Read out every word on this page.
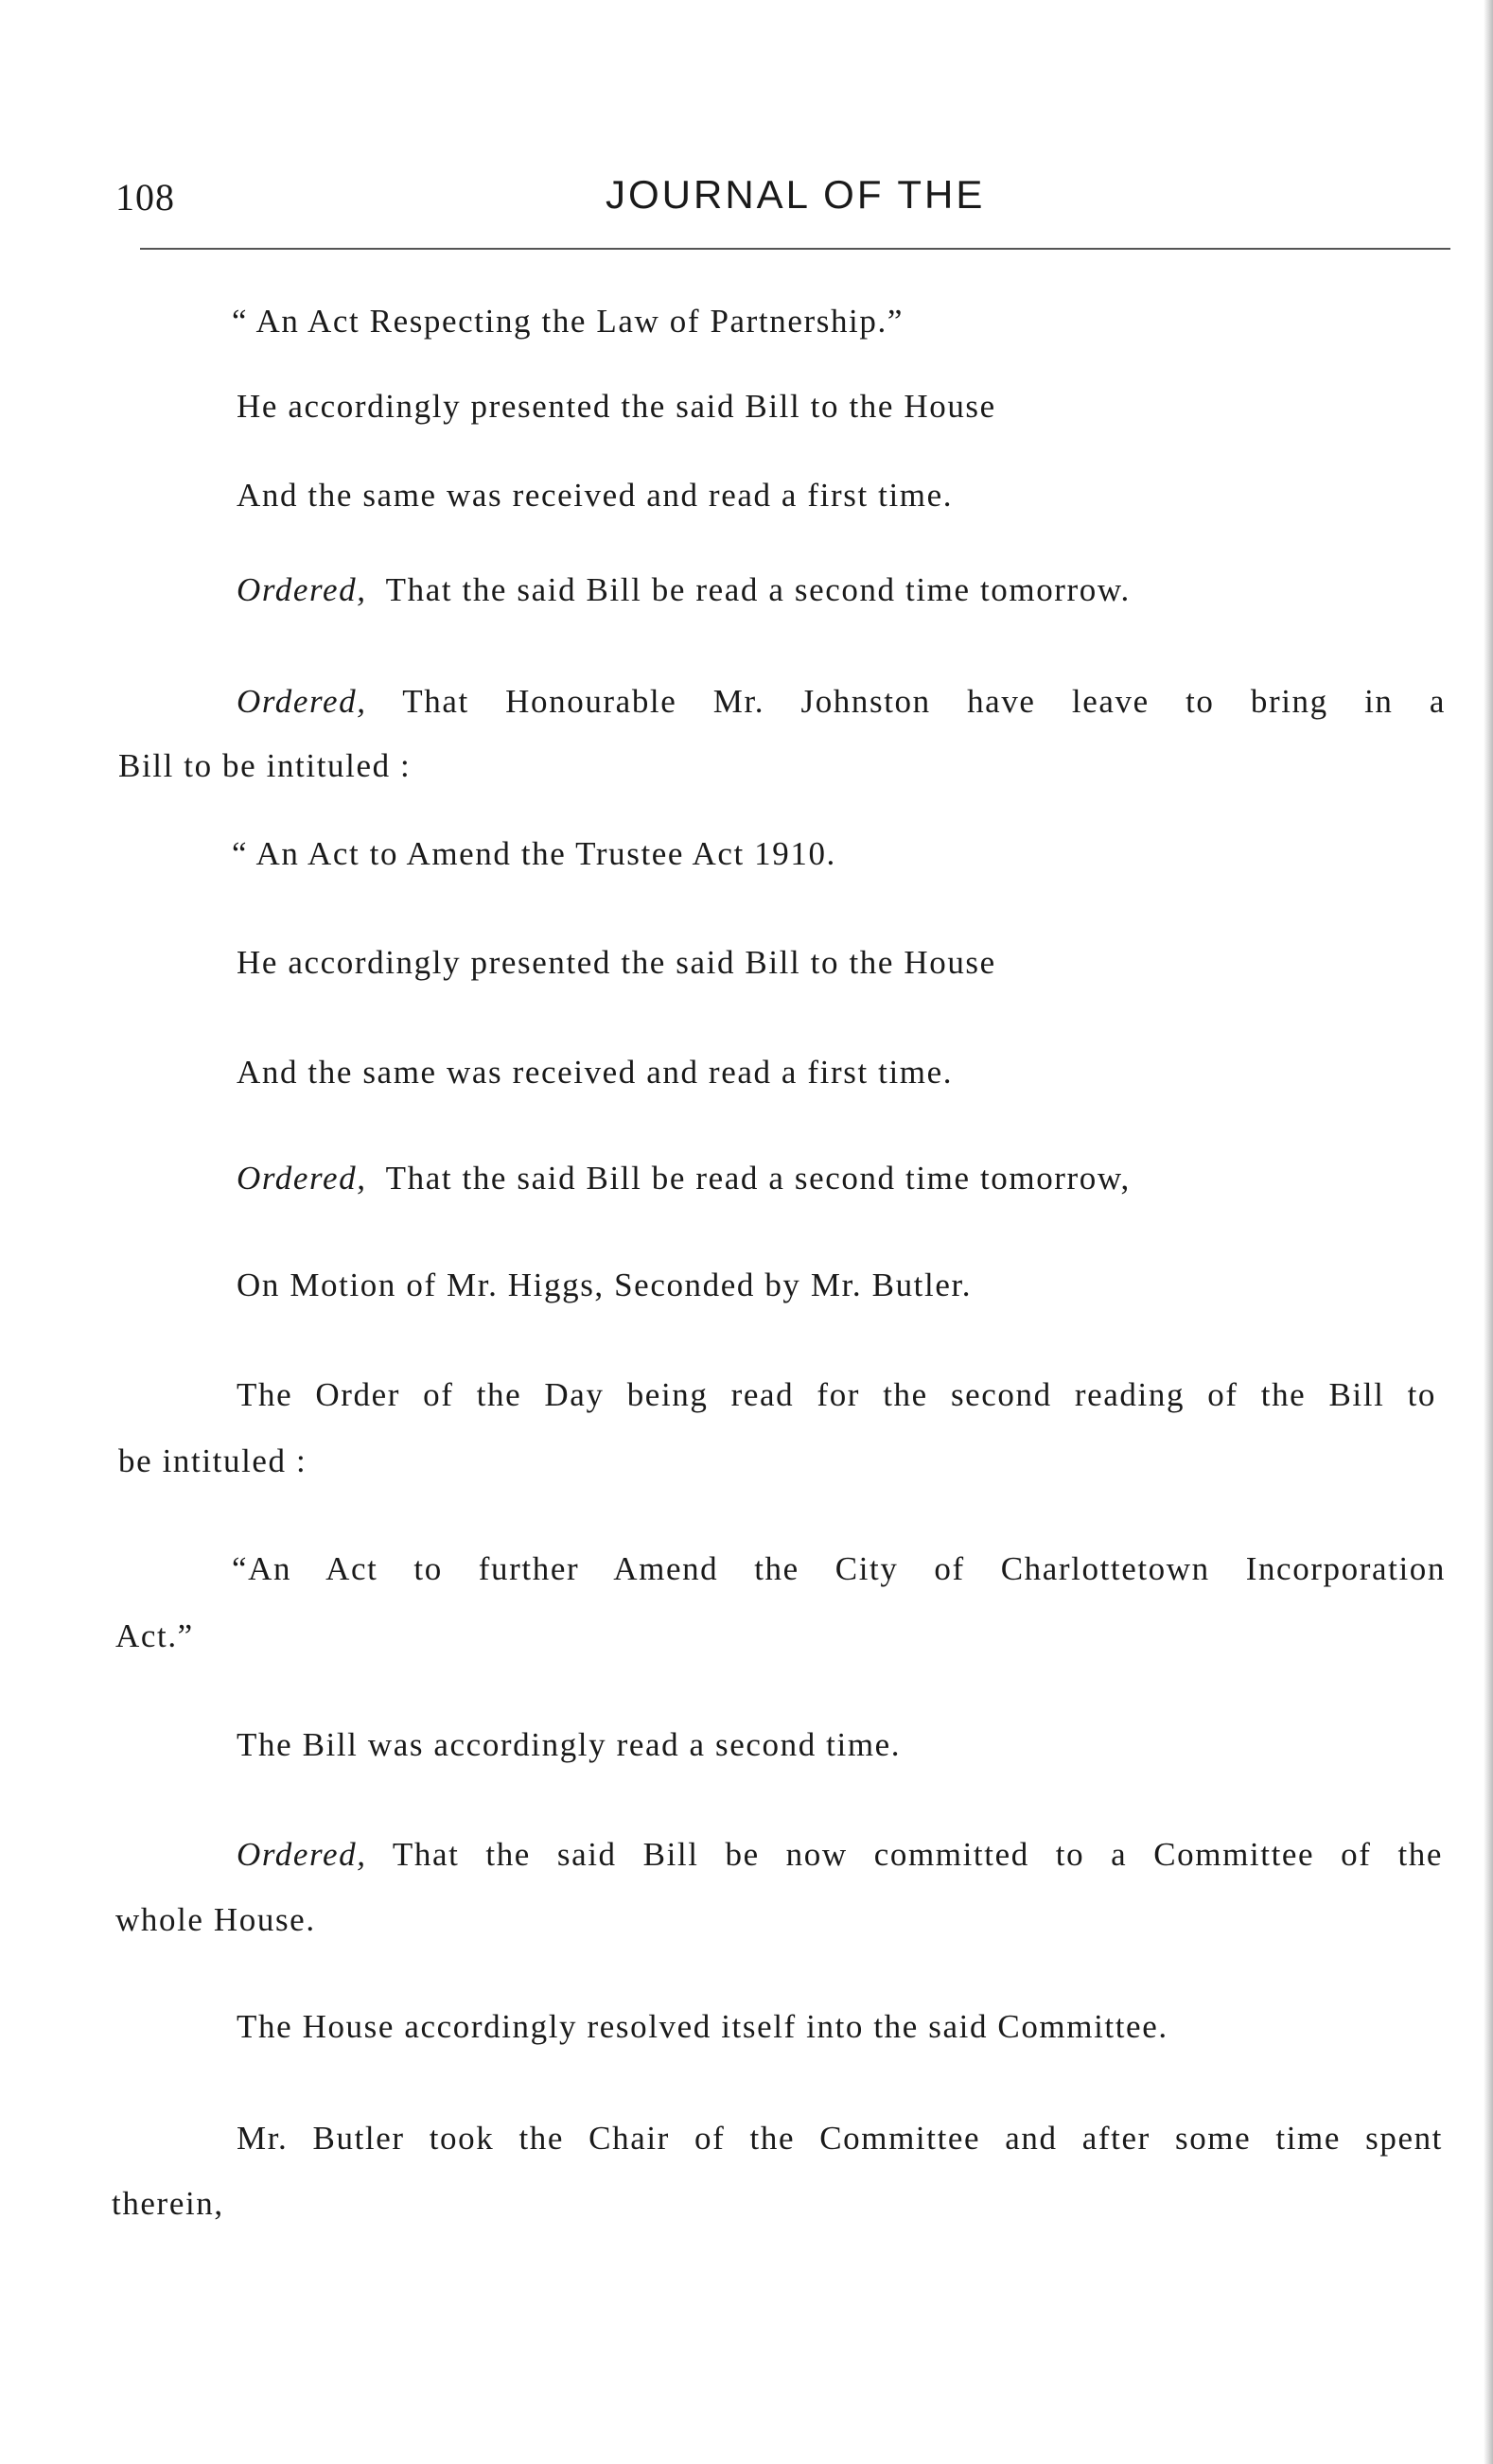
108	JOURNAL OF THE
“ An Act Respecting the Law of Partnership.”
He accordingly presented the said Bill to the House
And the same was received and read a first time.
Ordered,  That the said Bill be read a second time tomorrow.
Ordered, That Honourable Mr. Johnston have leave to bring in a
Bill to be intituled :
“ An Act to Amend the Trustee Act 1910.
He accordingly presented the said Bill to the House
And the same was received and read a first time.
Ordered,  That the said Bill be read a second time tomorrow,
On Motion of Mr. Higgs, Seconded by Mr. Butler.
The Order of the Day being read for the second reading of the Bill to
be intituled :
“An Act to further Amend the City of Charlottetown Incorporation
Act.”
The Bill was accordingly read a second time.
Ordered, That the said Bill be now committed to a Committee of the
whole House.
The House accordingly resolved itself into the said Committee.
Mr. Butler took the Chair of the Committee and after some time spent
therein,
